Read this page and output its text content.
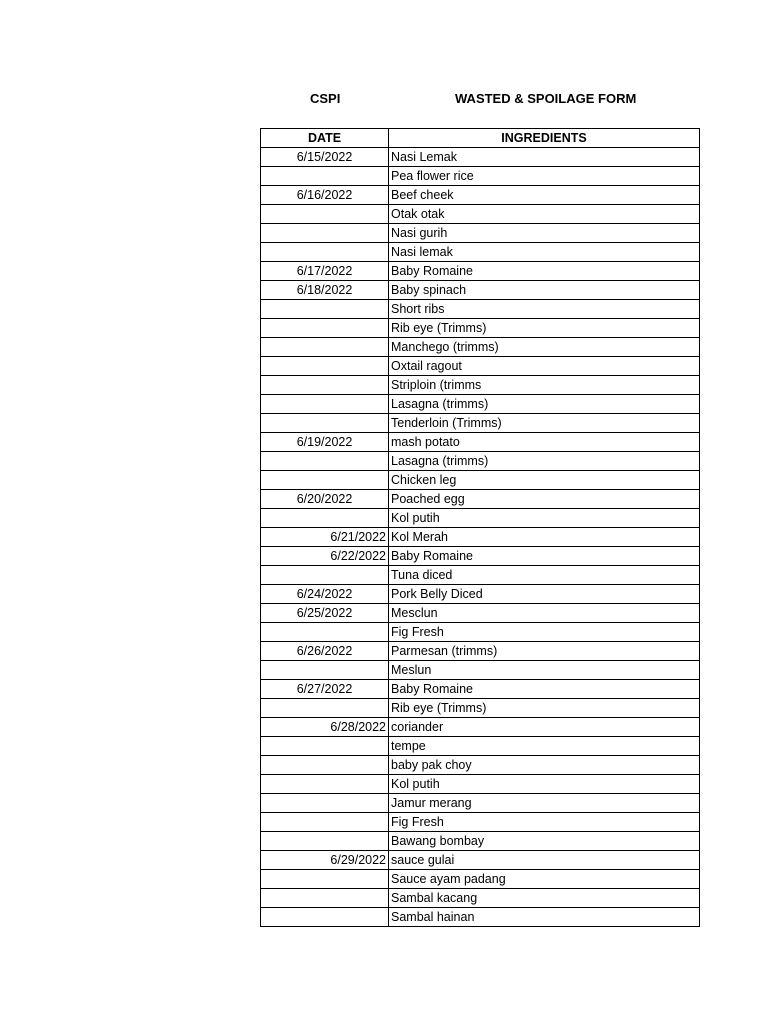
CSPI	WASTED & SPOILAGE FORM
DATE	INGREDIENTS
6/15/2022	Nasi Lemak
	Pea flower rice
6/16/2022	Beef cheek
	Otak otak
	Nasi gurih
	Nasi lemak
6/17/2022	Baby Romaine
6/18/2022	Baby spinach
	Short ribs
	Rib eye (Trimms)
	Manchego (trimms)
	Oxtail ragout
	Striploin (trimms
	Lasagna (trimms)
	Tenderloin (Trimms)
6/19/2022	mash potato
	Lasagna (trimms)
	Chicken leg
6/20/2022	Poached egg
	Kol putih
6/21/2022	Kol Merah
6/22/2022	Baby Romaine
	Tuna diced
6/24/2022	Pork Belly Diced
6/25/2022	Mesclun
	Fig Fresh
6/26/2022	Parmesan (trimms)
	Meslun
6/27/2022	Baby Romaine
	Rib eye (Trimms)
6/28/2022	coriander
	tempe
	baby pak choy
	Kol putih
	Jamur merang
	Fig Fresh
	Bawang bombay
6/29/2022	sauce gulai
	Sauce ayam padang
	Sambal kacang
	Sambal hainan
